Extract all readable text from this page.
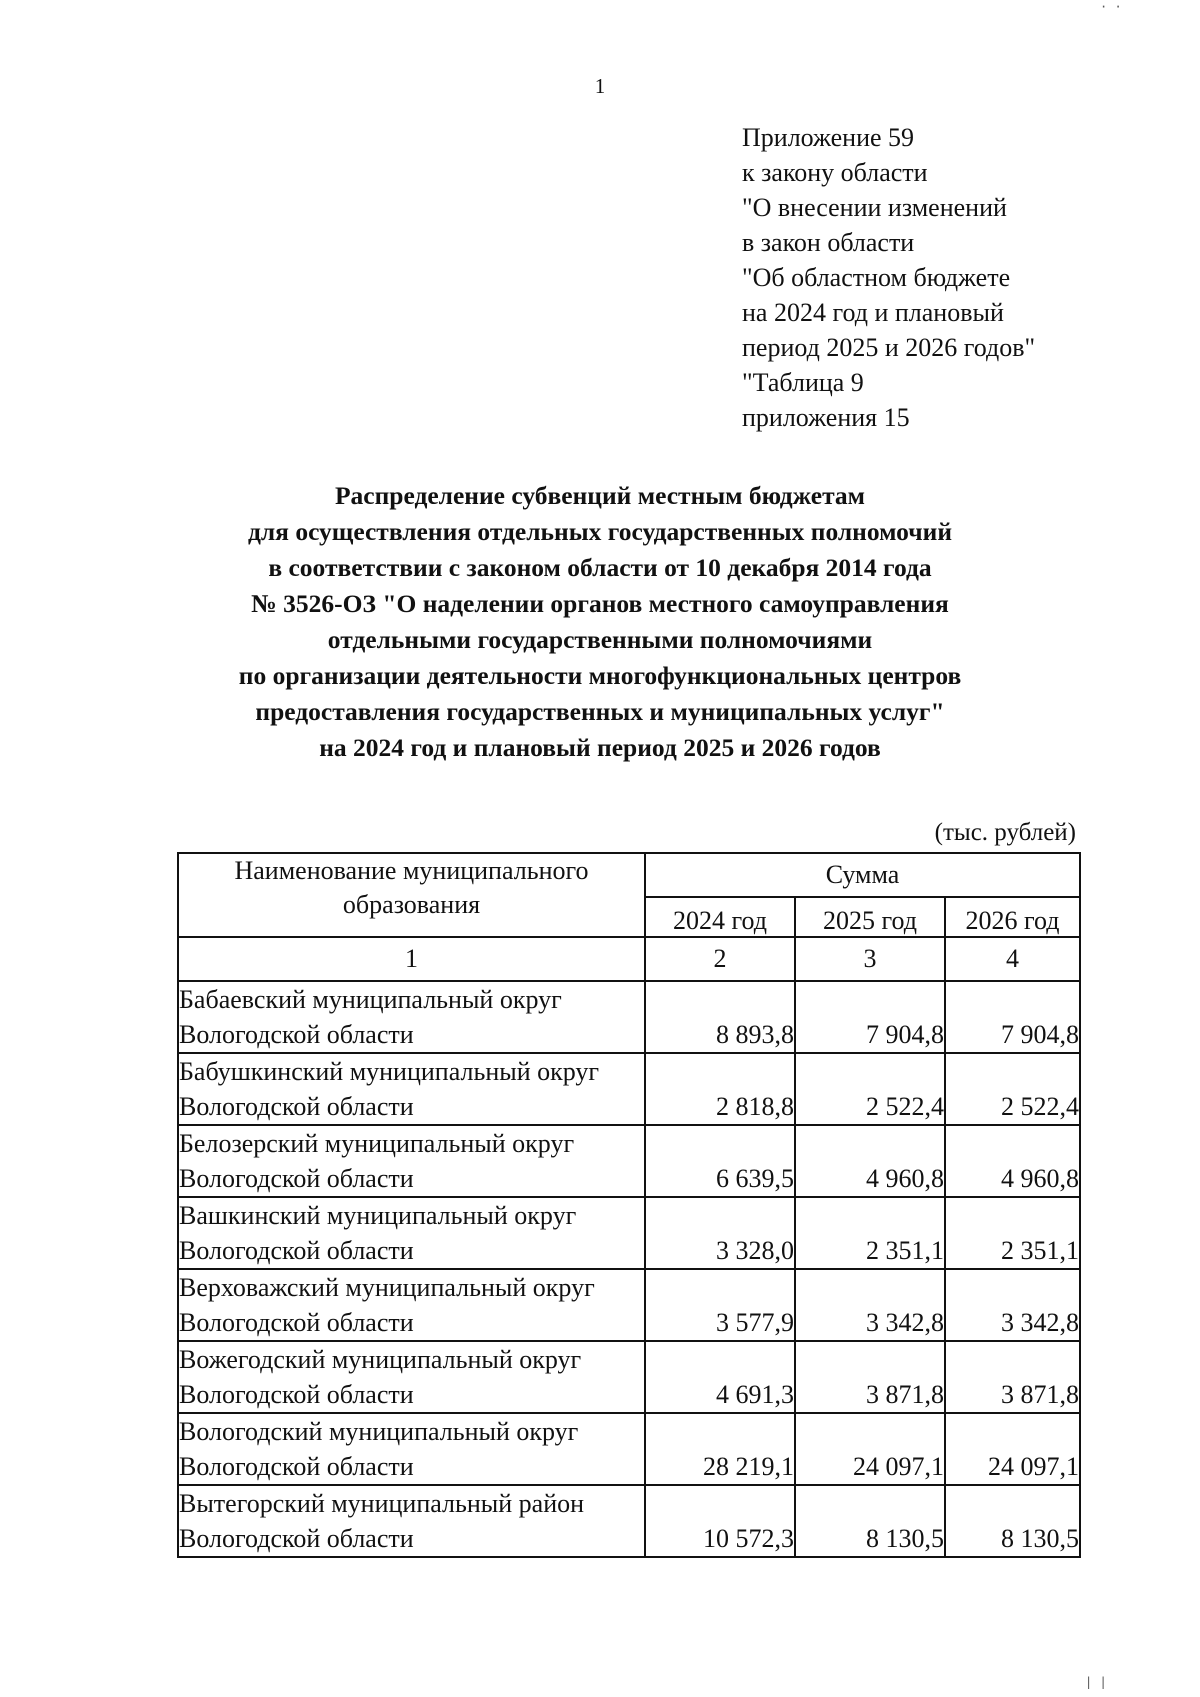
1
Приложение 59
к закону области
"О внесении изменений
в закон области
"Об областном бюджете
на 2024 год и плановый
период 2025 и 2026 годов"
"Таблица 9
приложения 15
Распределение субвенций местным бюджетам
для осуществления отдельных государственных полномочий
в соответствии с законом области от 10 декабря 2014 года
№ 3526-ОЗ "О наделении органов местного самоуправления
отдельными государственными полномочиями
по организации деятельности многофункциональных центров
предоставления государственных и муниципальных услуг"
на 2024 год и плановый период 2025 и 2026 годов
(тыс. рублей)
Наименование муниципального образования	Сумма		
	2024 год	2025 год	2026 год
1	2	3	4
Бабаевский муниципальный округ Вологодской области	8 893,8	7 904,8	7 904,8
Бабушкинский муниципальный округ Вологодской области	2 818,8	2 522,4	2 522,4
Белозерский муниципальный округ Вологодской области	6 639,5	4 960,8	4 960,8
Вашкинский муниципальный округ Вологодской области	3 328,0	2 351,1	2 351,1
Верховажский муниципальный округ Вологодской области	3 577,9	3 342,8	3 342,8
Вожегодский муниципальный округ Вологодской области	4 691,3	3 871,8	3 871,8
Вологодский муниципальный округ Вологодской области	28 219,1	24 097,1	24 097,1
Вытегорский муниципальный район Вологодской области	10 572,3	8 130,5	8 130,5
· ·
| |
